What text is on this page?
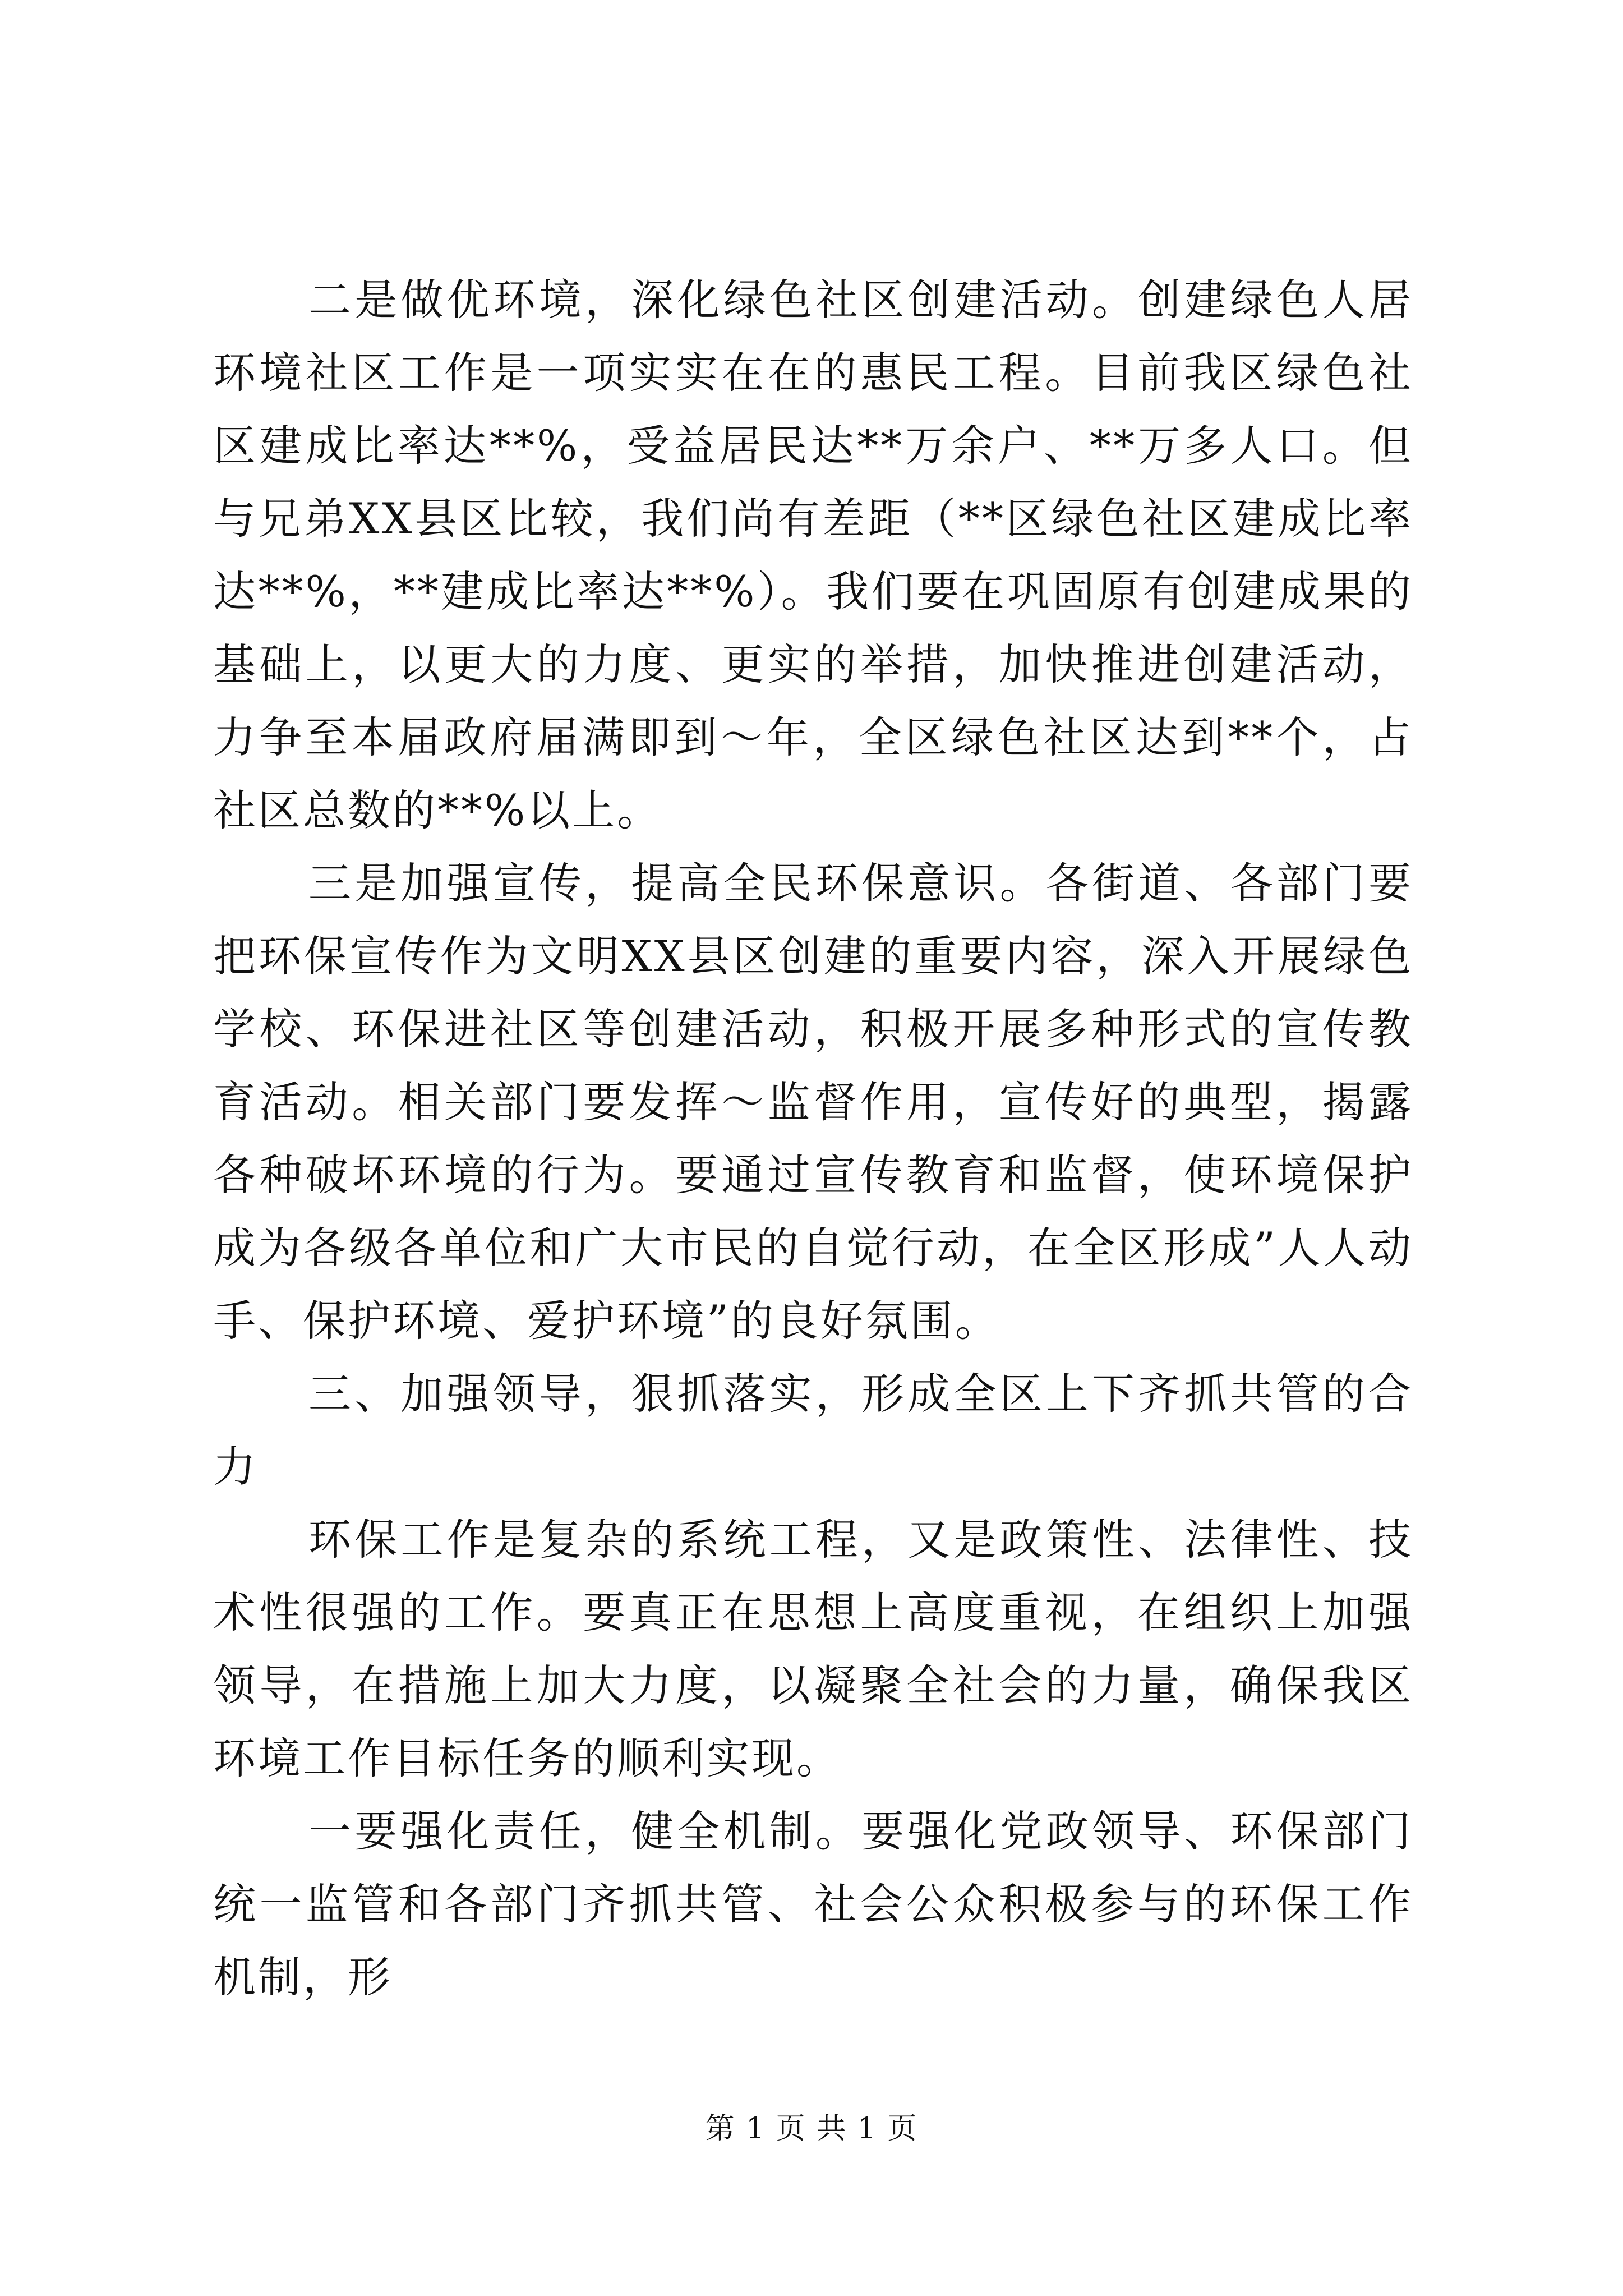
二是做优环境，深化绿色社区创建活动。创建绿色人居环境社区工作是一项实实在在的惠民工程。目前我区绿色社区建成比率达**%，受益居民达**万余户、**万多人口。但与兄弟XX县区比较，我们尚有差距（**区绿色社区建成比率达**%，**建成比率达**%）。我们要在巩固原有创建成果的基础上，以更大的力度、更实的举措，加快推进创建活动，力争至本届政府届满即到～年，全区绿色社区达到**个，占社区总数的**%以上。

三是加强宣传，提高全民环保意识。各街道、各部门要把环保宣传作为文明XX县区创建的重要内容，深入开展绿色学校、环保进社区等创建活动，积极开展多种形式的宣传教育活动。相关部门要发挥～监督作用，宣传好的典型，揭露各种破坏环境的行为。要通过宣传教育和监督，使环境保护成为各级各单位和广大市民的自觉行动，在全区形成”人人动手、保护环境、爱护环境”的良好氛围。

三、加强领导，狠抓落实，形成全区上下齐抓共管的合力

环保工作是复杂的系统工程，又是政策性、法律性、技术性很强的工作。要真正在思想上高度重视，在组织上加强领导，在措施上加大力度，以凝聚全社会的力量，确保我区环境工作目标任务的顺利实现。

一要强化责任，健全机制。要强化党政领导、环保部门统一监管和各部门齐抓共管、社会公众积极参与的环保工作机制，形

第 1 页 共 1 页
